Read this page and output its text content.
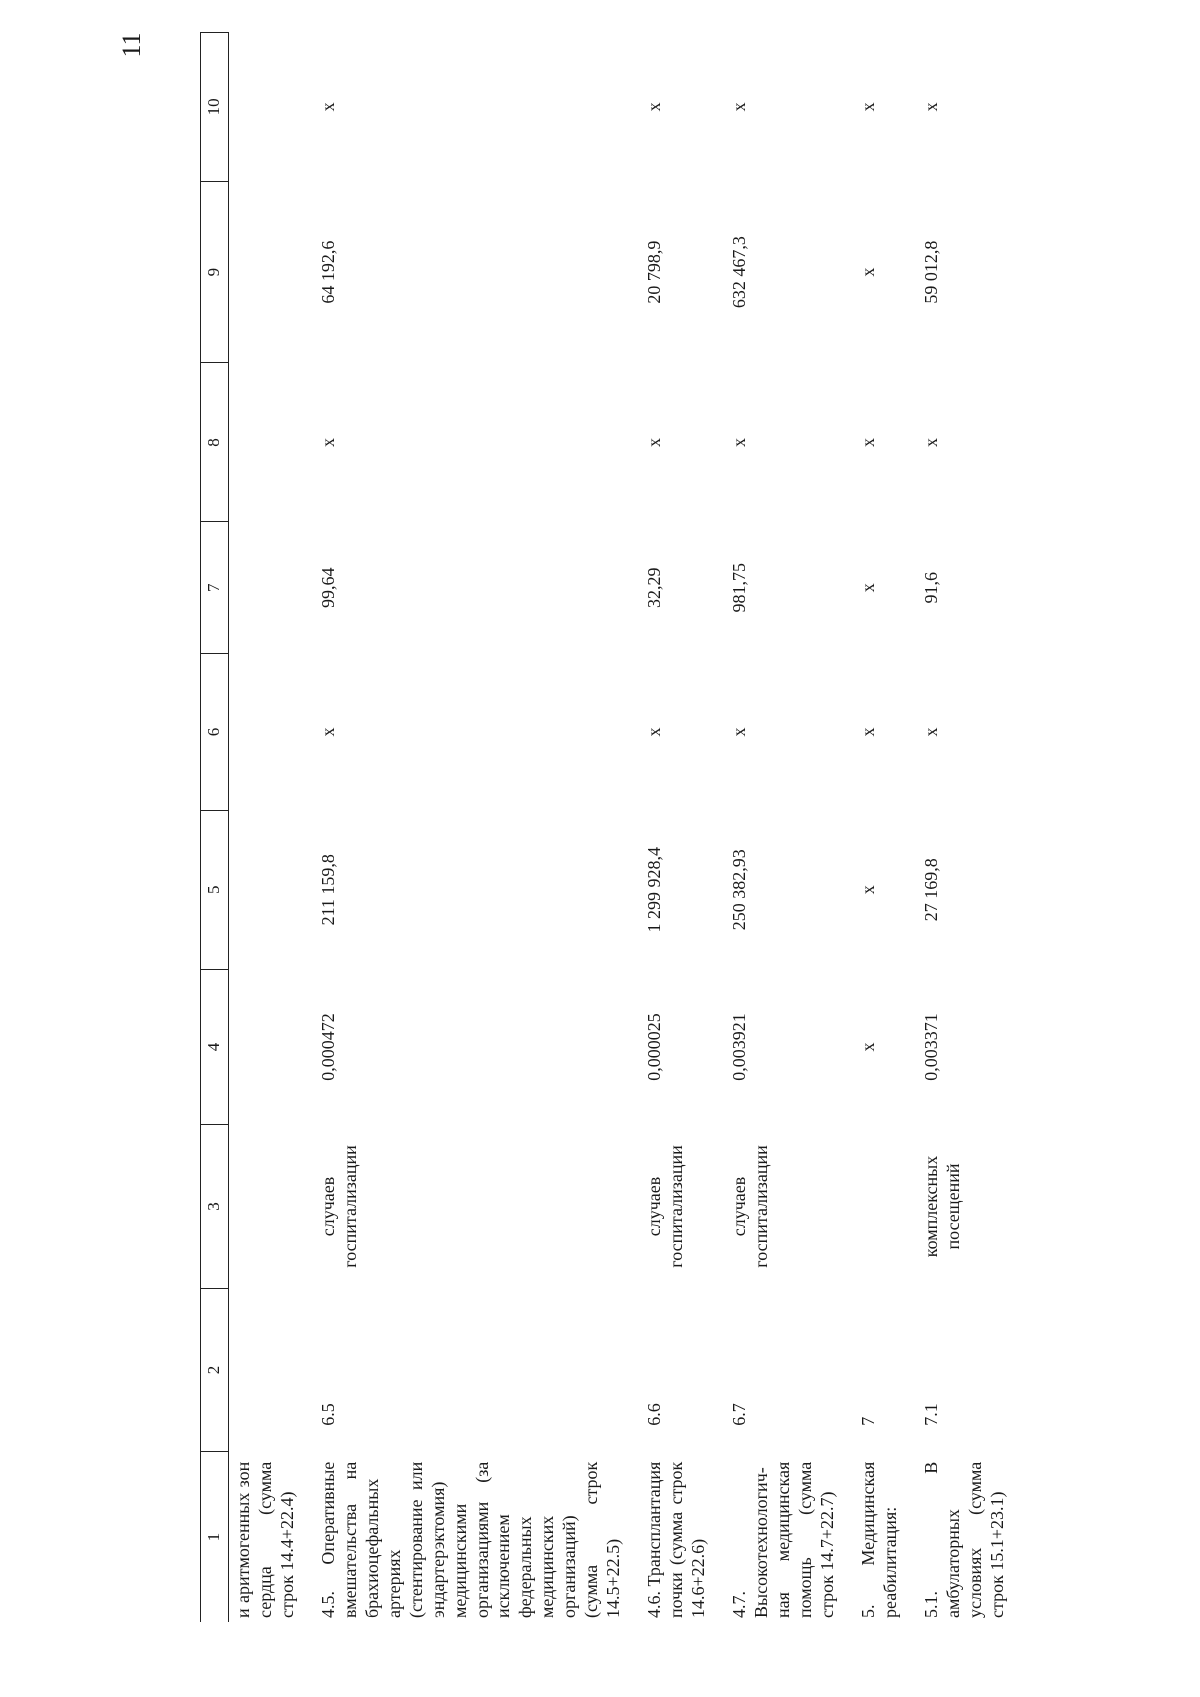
11
1	2	3	4	5	6	7	8	9	10
и аритмогенных зон сердца (сумма строк 14.4+22.4)									
4.5. Оперативные вмешательства на брахиоцефальных артериях (стентирование или эндартерэктомия) медицинскими организациями (за исключением федеральных медицинских организаций) (сумма строк 14.5+22.5)	6.5	случаев госпитализации	0,000472	211 159,8	х	99,64	х	64 192,6	х
4.6. Трансплантация почки (сумма строк 14.6+22.6)	6.6	случаев госпитализации	0,000025	1 299 928,4	х	32,29	х	20 798,9	х
4.7. Высокотехнологич-ная медицинская помощь (сумма строк 14.7+22.7)	6.7	случаев госпитализации	0,003921	250 382,93	х	981,75	х	632 467,3	х
5. Медицинская реабилитация:	7		х	х	х	х	х	х	х
5.1. В амбулаторных условиях (сумма строк 15.1+23.1)	7.1	комплексных посещений	0,003371	27 169,8	х	91,6	х	59 012,8	х
